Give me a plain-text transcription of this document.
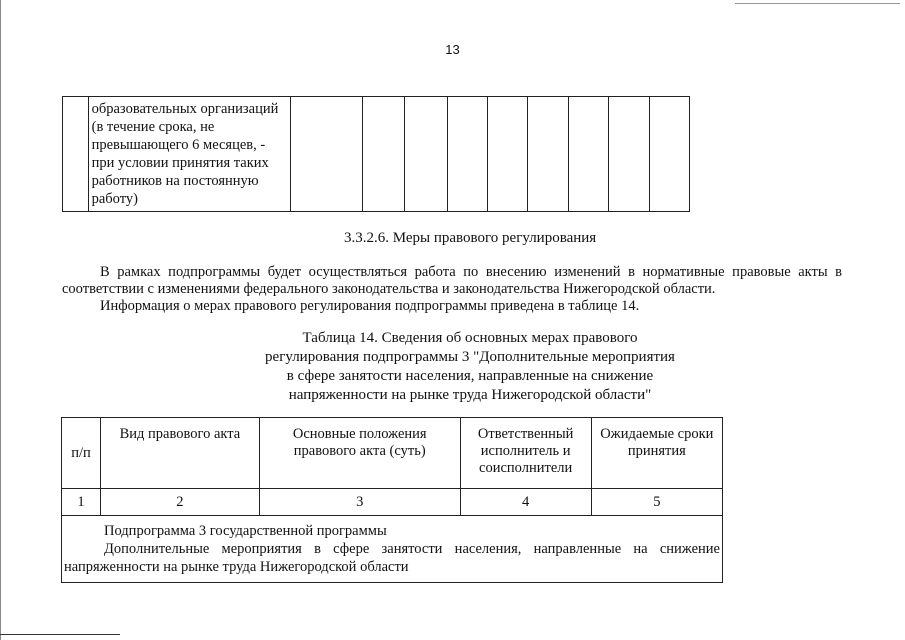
13

образовательных организаций
(в течение срока, не
превышающего 6 месяцев, -
при условии принятия таких
работников на постоянную
работу)

3.3.2.6. Меры правового регулирования
В рамках подпрограммы будет осуществляться работа по внесению изменений в нормативные правовые акты в соответствии с изменениями федерального законодательства и законодательства Нижегородской области.
Информация о мерах правового регулирования подпрограммы приведена в таблице 14.
Таблица 14. Сведения об основных мерах правового
регулирования подпрограммы 3 "Дополнительные мероприятия
в сфере занятости населения, направленные на снижение
напряженности на рынке труда Нижегородской области"
п/п	Вид правового акта	Основные положения правового акта (суть)	Ответственный исполнитель и соисполнители	Ожидаемые сроки принятия
1	2	3	4	5

Подпрограмма 3 государственной программы
Дополнительные мероприятия в сфере занятости населения, направленные на снижение напряженности на рынке труда Нижегородской области				
